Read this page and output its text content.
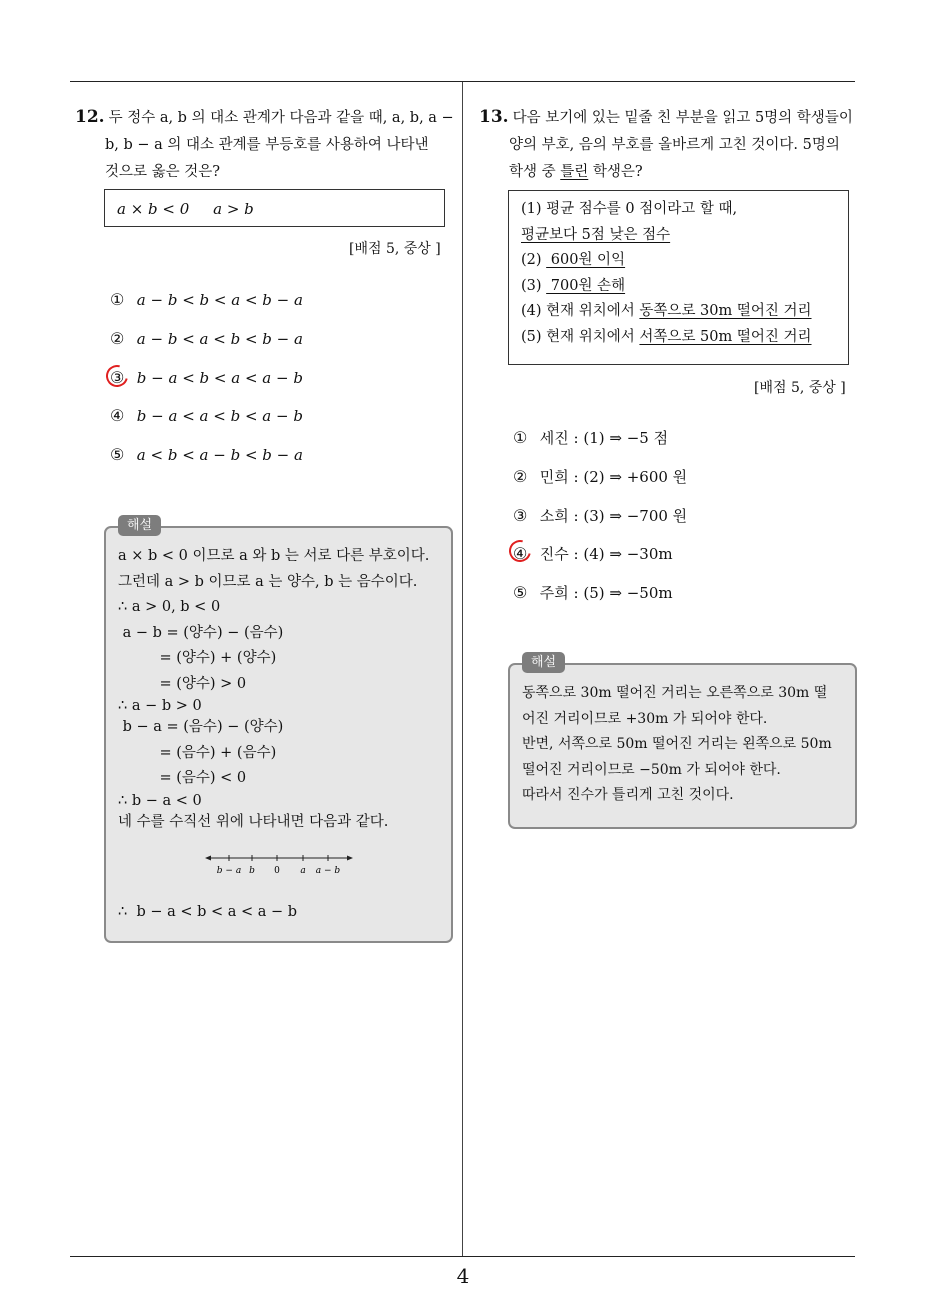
12. 두 정수 a, b 의 대소 관계가 다음과 같을 때, a, b, a −
b, b − a 의 대소 관계를 부등호를 사용하여 나타낸
것으로 옳은 것은?
a × b < 0     a > b
[배점 5, 중상 ]
① a − b < b < a < b − a
② a − b < a < b < b − a
③ b − a < b < a < a − b
④ b − a < a < b < a − b
⑤ a < b < a − b < b − a
해설
a × b < 0 이므로 a 와 b 는 서로 다른 부호이다.
그런데 a > b 이므로 a 는 양수, b 는 음수이다.
∴ a > 0, b < 0
a − b = (양수) − (음수)
= (양수) + (양수)
= (양수) > 0
∴ a − b > 0
b − a = (음수) − (양수)
= (음수) + (음수)
= (음수) < 0
∴ b − a < 0
네 수를 수직선 위에 나타내면 다음과 같다.
b − a b 0 a a − b
∴  b − a < b < a < a − b
13. 다음 보기에 있는 밑줄 친 부분을 읽고 5명의 학생들이
양의 부호, 음의 부호를 올바르게 고친 것이다. 5명의
학생 중 틀린 학생은?
(1) 평균 점수를 0 점이라고 할 때,
평균보다 5점 낮은 점수
(2)  600원 이익
(3)  700원 손해
(4) 현재 위치에서 동쪽으로 30m 떨어진 거리
(5) 현재 위치에서 서쪽으로 50m 떨어진 거리
[배점 5, 중상 ]
① 세진 : (1) ⇒ −5 점
② 민희 : (2) ⇒ +600 원
③ 소희 : (3) ⇒ −700 원
④ 진수 : (4) ⇒ −30m
⑤ 주희 : (5) ⇒ −50m
해설
동쪽으로 30m 떨어진 거리는 오른쪽으로 30m 떨
어진 거리이므로 +30m 가 되어야 한다.
반면, 서쪽으로 50m 떨어진 거리는 왼쪽으로 50m
떨어진 거리이므로 −50m 가 되어야 한다.
따라서 진수가 틀리게 고친 것이다.
4
